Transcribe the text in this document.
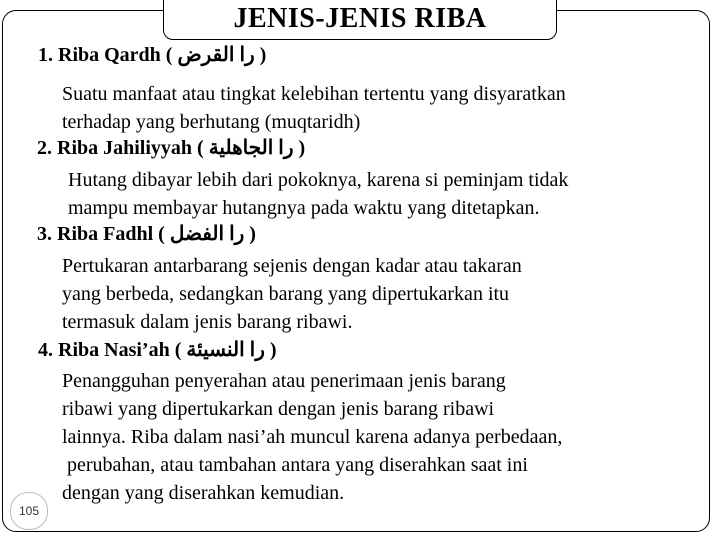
JENIS-JENIS RIBA
1. Riba Qardh ( را القرض )
Suatu manfaat atau tingkat kelebihan tertentu yang disyaratkan
terhadap yang berhutang (muqtaridh)
2. Riba Jahiliyyah ( را الجاهلية )
Hutang dibayar lebih dari pokoknya, karena si peminjam tidak
mampu membayar hutangnya pada waktu yang ditetapkan.
3. Riba Fadhl ( را الفضل )
Pertukaran antarbarang sejenis dengan kadar atau takaran
yang berbeda, sedangkan barang yang dipertukarkan itu
termasuk dalam jenis barang ribawi.
4. Riba Nasi’ah ( را النسيئة )
Penangguhan penyerahan atau penerimaan jenis barang
ribawi yang dipertukarkan dengan jenis barang ribawi
lainnya. Riba dalam nasi’ah muncul karena adanya perbedaan,
perubahan, atau tambahan antara yang diserahkan saat ini
dengan yang diserahkan kemudian.
105
